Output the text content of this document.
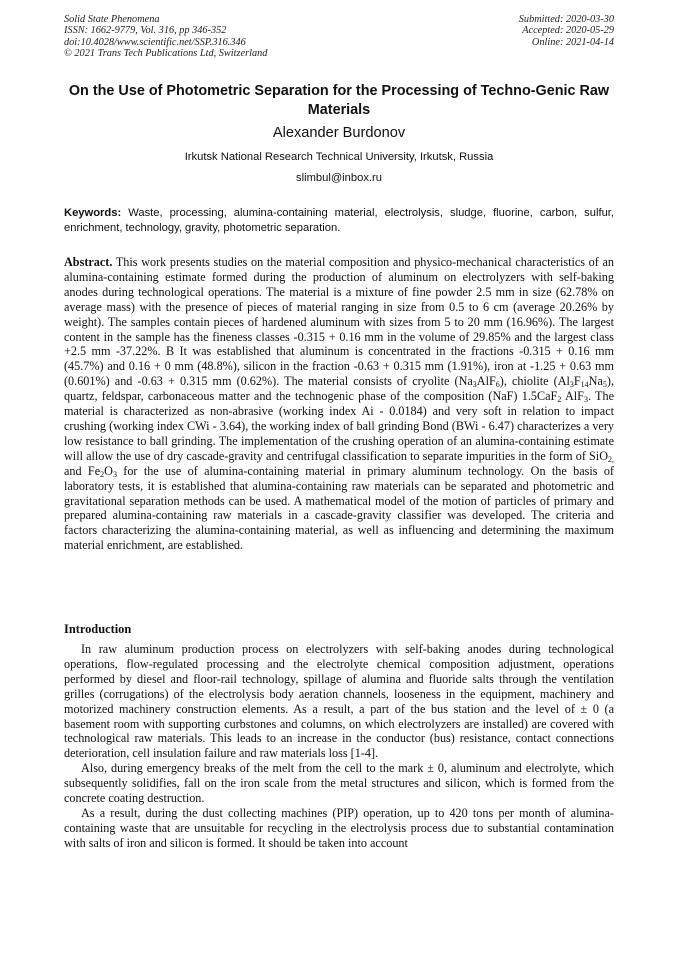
Solid State Phenomena
ISSN: 1662-9779, Vol. 316, pp 346-352
doi:10.4028/www.scientific.net/SSP.316.346
© 2021 Trans Tech Publications Ltd, Switzerland
Submitted: 2020-03-30
Accepted: 2020-05-29
Online: 2021-04-14
On the Use of Photometric Separation for the Processing of Techno-Genic Raw Materials
Alexander Burdonov
Irkutsk National Research Technical University, Irkutsk, Russia
slimbul@inbox.ru

Keywords: Waste, processing, alumina-containing material, electrolysis, sludge, fluorine, carbon, sulfur, enrichment, technology, gravity, photometric separation.

Abstract. This work presents studies on the material composition and physico-mechanical characteristics of an alumina-containing estimate formed during the production of aluminum on electrolyzers with self-baking anodes during technological operations. The material is a mixture of fine powder 2.5 mm in size (62.78% on average mass) with the presence of pieces of material ranging in size from 0.5 to 6 cm (average 20.26% by weight). The samples contain pieces of hardened aluminum with sizes from 5 to 20 mm (16.96%). The largest content in the sample has the fineness classes -0.315 + 0.16 mm in the volume of 29.85% and the largest class +2.5 mm -37.22%. B It was established that aluminum is concentrated in the fractions -0.315 + 0.16 mm (45.7%) and 0.16 + 0 mm (48.8%), silicon in the fraction -0.63 + 0.315 mm (1.91%), iron at -1.25 + 0.63 mm (0.601%) and -0.63 + 0.315 mm (0.62%). The material consists of cryolite $(Na_3AlF_6)$, chiolite $(Al_3F_{14}Na_5)$, quartz, feldspar, carbonaceous matter and the technogenic phase of the composition (NaF) 1.5CaF$_2$ AlF$_3$. The material is characterized as non-abrasive (working index Ai - 0.0184) and very soft in relation to impact crushing (working index CWi - 3.64), the working index of ball grinding Bond (BWi - 6.47) characterizes a very low resistance to ball grinding. The implementation of the crushing operation of an alumina-containing estimate will allow the use of dry cascade-gravity and centrifugal classification to separate impurities in the form of SiO$_{2,}$ and $Fe_2O_3$ for the use of alumina-containing material in primary aluminum technology. On the basis of laboratory tests, it is established that alumina-containing raw materials can be separated and photometric and gravitational separation methods can be used. A mathematical model of the motion of particles of primary and prepared alumina-containing raw materials in a cascade-gravity classifier was developed. The criteria and factors characterizing the alumina-containing material, as well as influencing and determining the maximum material enrichment, are established.

Introduction

In raw aluminum production process on electrolyzers with self-baking anodes during technological operations, flow-regulated processing and the electrolyte chemical composition adjustment, operations performed by diesel and floor-rail technology, spillage of alumina and fluoride salts through the ventilation grilles (corrugations) of the electrolysis body aeration channels, looseness in the equipment, machinery and motorized machinery construction elements. As a result, a part of the bus station and the level of ± 0 (a basement room with supporting curbstones and columns, on which electrolyzers are installed) are covered with technological raw materials. This leads to an increase in the conductor (bus) resistance, contact connections deterioration, cell insulation failure and raw materials loss [1-4].

Also, during emergency breaks of the melt from the cell to the mark ± 0, aluminum and electrolyte, which subsequently solidifies, fall on the iron scale from the metal structures and silicon, which is formed from the concrete coating destruction.

As a result, during the dust collecting machines (PIP) operation, up to 420 tons per month of alumina-containing waste that are unsuitable for recycling in the electrolysis process due to substantial contamination with salts of iron and silicon is formed. It should be taken into account
